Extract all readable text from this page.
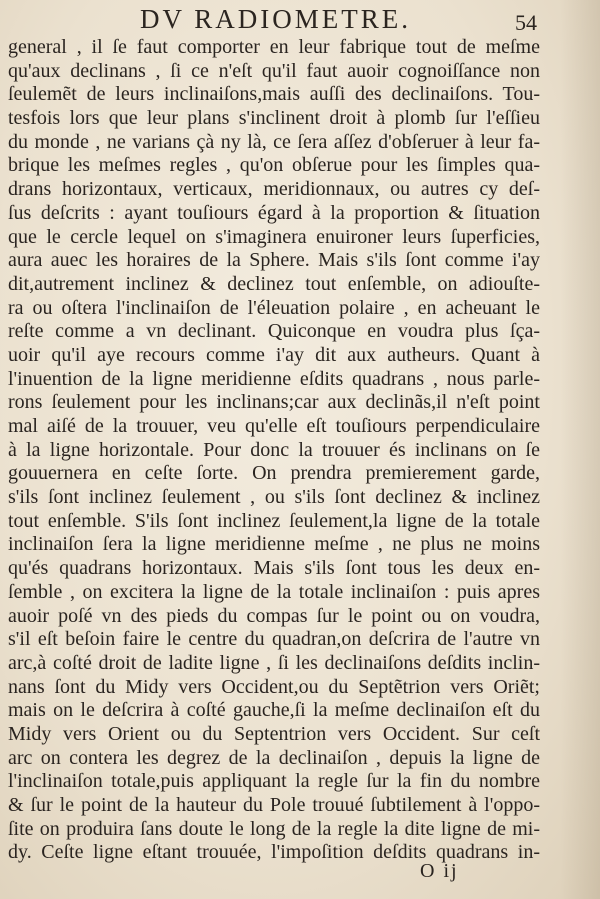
DV RADIOMETRE.	54
general , il ſe faut comporter en leur fabrique tout de meſme
qu'aux declinans , ſi ce n'eſt qu'il faut auoir cognoiſſance non
ſeulemẽt de leurs inclinaiſons,mais auſſi des declinaiſons. Tou-
tesfois lors que leur plans s'inclinent droit à plomb ſur l'eſſieu
du monde , ne varians çà ny là, ce ſera aſſez d'obſeruer à leur fa-
brique les meſmes regles , qu'on obſerue pour les ſimples qua-
drans horizontaux, verticaux, meridionnaux, ou autres cy deſ-
ſus deſcrits : ayant touſiours égard à la proportion & ſituation
que le cercle lequel on s'imaginera enuironer leurs ſuperficies,
aura auec les horaires de la Sphere. Mais s'ils ſont comme i'ay
dit,autrement inclinez & declinez tout enſemble, on adiouſte-
ra ou oſtera l'inclinaiſon de l'éleuation polaire , en acheuant le
reſte comme a vn declinant. Quiconque en voudra plus ſça-
uoir qu'il aye recours comme i'ay dit aux autheurs. Quant à
l'inuention de la ligne meridienne eſdits quadrans , nous parle-
rons ſeulement pour les inclinans;car aux declinãs,il n'eſt point
mal aiſé de la trouuer, veu qu'elle eſt touſiours perpendiculaire
à la ligne horizontale. Pour donc la trouuer és inclinans on ſe
gouuernera en ceſte ſorte. On prendra premierement garde,
s'ils ſont inclinez ſeulement , ou s'ils ſont declinez & inclinez
tout enſemble. S'ils ſont inclinez ſeulement,la ligne de la totale
inclinaiſon ſera la ligne meridienne meſme , ne plus ne moins
qu'és quadrans horizontaux. Mais s'ils ſont tous les deux en-
ſemble , on excitera la ligne de la totale inclinaiſon : puis apres
auoir poſé vn des pieds du compas ſur le point ou on voudra,
s'il eſt beſoin faire le centre du quadran,on deſcrira de l'autre vn
arc,à coſté droit de ladite ligne , ſi les declinaiſons deſdits inclin-
nans ſont du Midy vers Occident,ou du Septẽtrion vers Oriẽt;
mais on le deſcrira à coſté gauche,ſi la meſme declinaiſon eſt du
Midy vers Orient ou du Septentrion vers Occident. Sur ceſt
arc on contera les degrez de la declinaiſon , depuis la ligne de
l'inclinaiſon totale,puis appliquant la regle ſur la fin du nombre
& ſur le point de la hauteur du Pole trouué ſubtilement à l'oppo-
ſite on produira ſans doute le long de la regle la dite ligne de mi-
dy. Ceſte ligne eſtant trouuée, l'impoſition deſdits quadrans in-
O ij
